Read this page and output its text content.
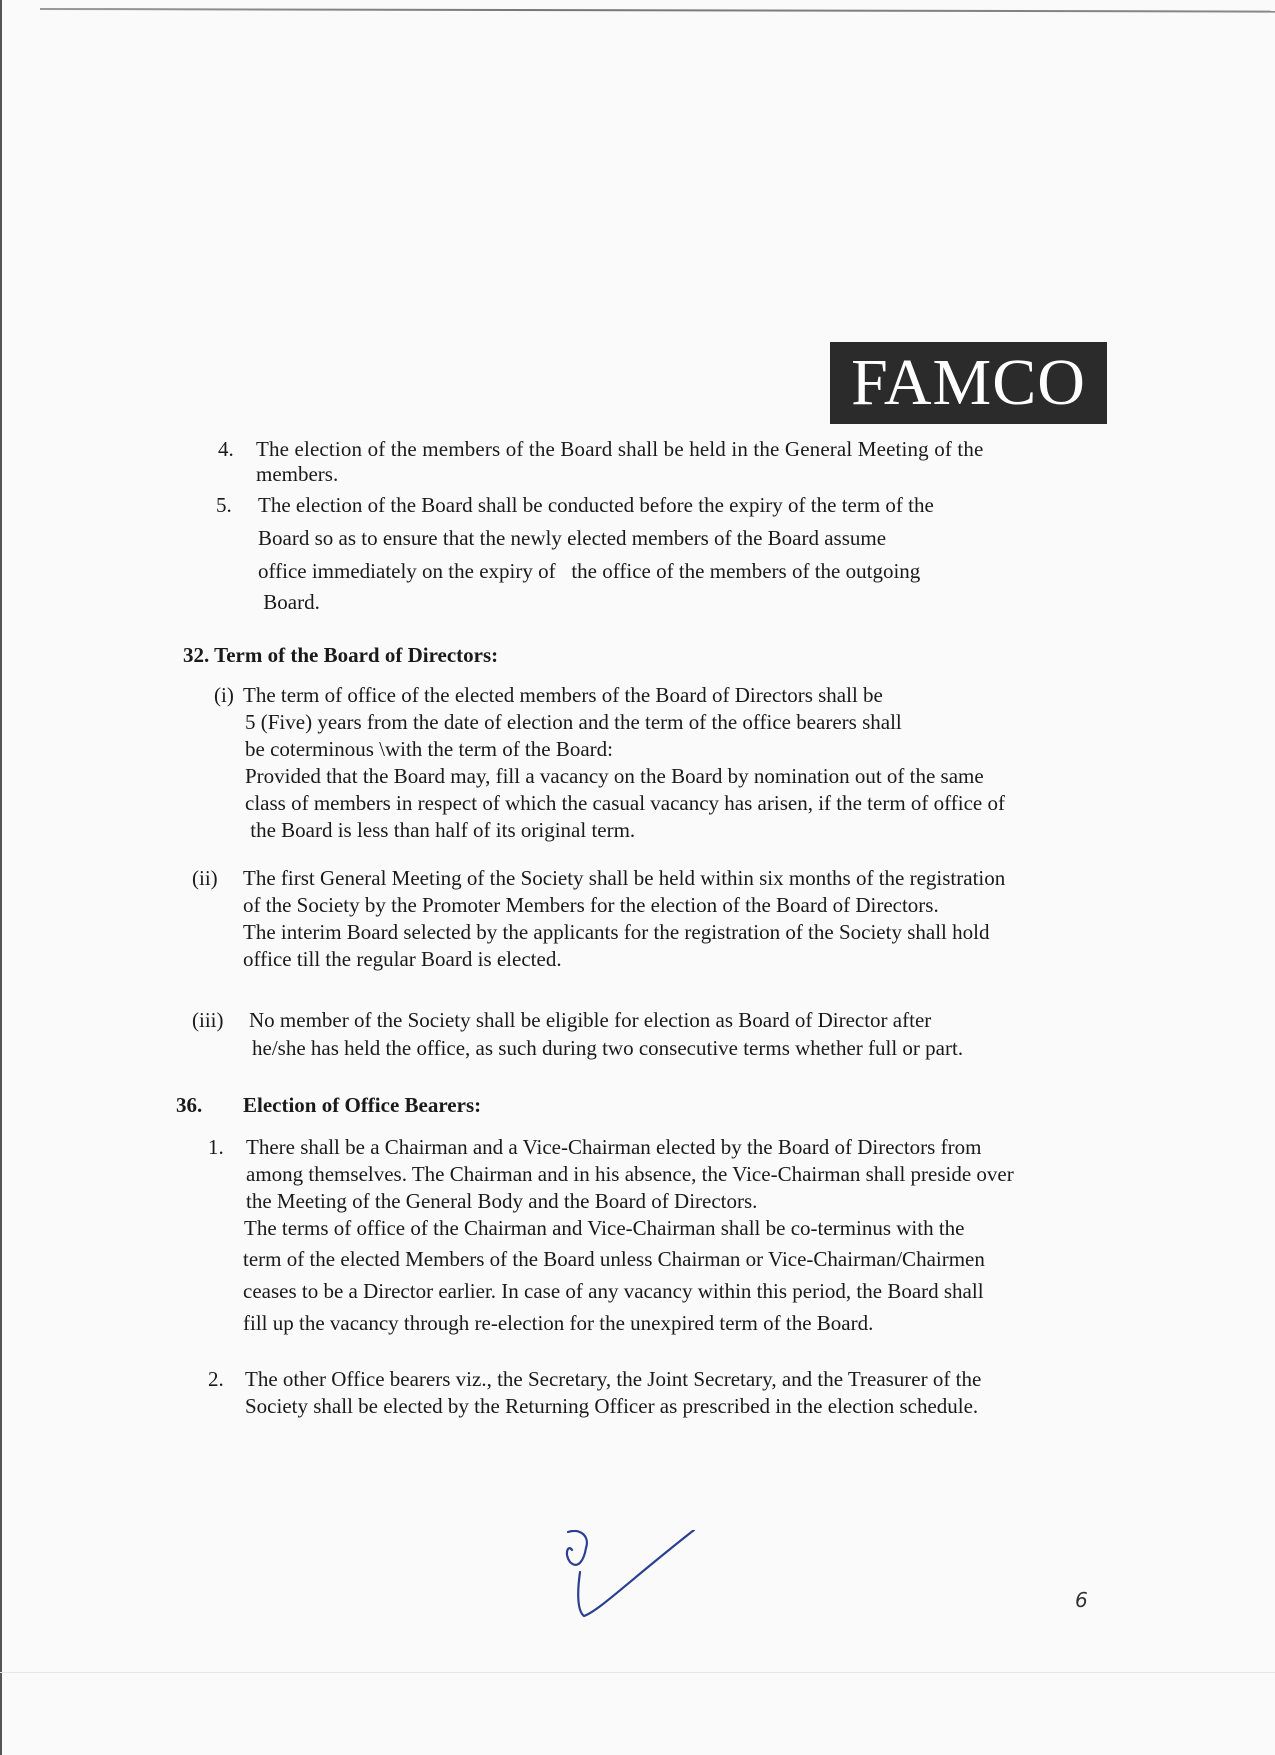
FAMCO
4. The election of the members of the Board shall be held in the General Meeting of the
members.
5. The election of the Board shall be conducted before the expiry of the term of the
Board so as to ensure that the newly elected members of the Board assume
office immediately on the expiry of   the office of the members of the outgoing
Board.
32. Term of the Board of Directors:
(i) The term of office of the elected members of the Board of Directors shall be
5 (Five) years from the date of election and the term of the office bearers shall
be coterminous \with the term of the Board:
Provided that the Board may, fill a vacancy on the Board by nomination out of the same
class of members in respect of which the casual vacancy has arisen, if the term of office of
the Board is less than half of its original term.
(ii) The first General Meeting of the Society shall be held within six months of the registration
of the Society by the Promoter Members for the election of the Board of Directors.
The interim Board selected by the applicants for the registration of the Society shall hold
office till the regular Board is elected.
(iii) No member of the Society shall be eligible for election as Board of Director after
he/she has held the office, as such during two consecutive terms whether full or part.
36. Election of Office Bearers:
1. There shall be a Chairman and a Vice-Chairman elected by the Board of Directors from
among themselves. The Chairman and in his absence, the Vice-Chairman shall preside over
the Meeting of the General Body and the Board of Directors.
The terms of office of the Chairman and Vice-Chairman shall be co-terminus with the
term of the elected Members of the Board unless Chairman or Vice-Chairman/Chairmen
ceases to be a Director earlier. In case of any vacancy within this period, the Board shall
fill up the vacancy through re-election for the unexpired term of the Board.
2. The other Office bearers viz., the Secretary, the Joint Secretary, and the Treasurer of the
Society shall be elected by the Returning Officer as prescribed in the election schedule.
6
